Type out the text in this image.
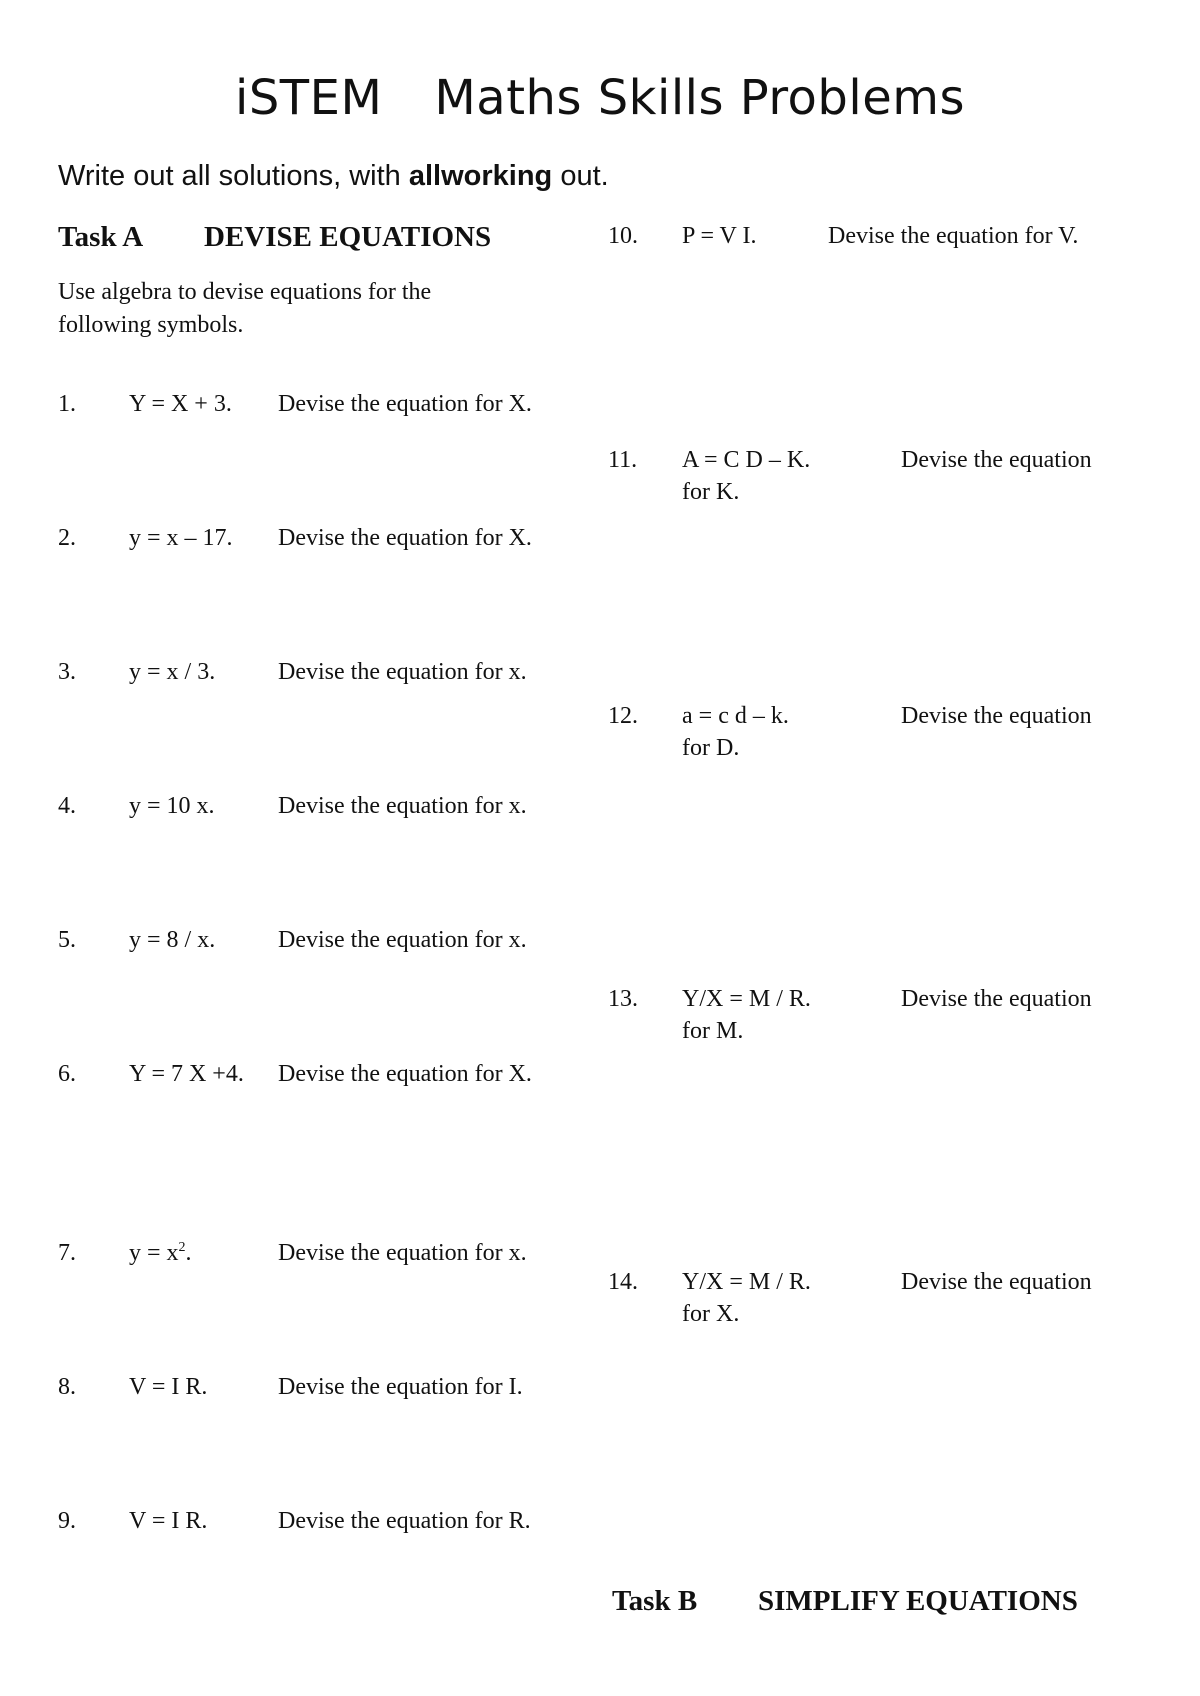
iSTEM Maths Skills Problems
Write out all solutions, with allworking out.
Task A DEVISE EQUATIONS
Use algebra to devise equations for the
following symbols.
1. Y = X + 3. Devise the equation for X.
2. y = x – 17. Devise the equation for X.
3. y = x / 3.	Devise the equation for x.
4. y = 10 x.	Devise the equation for x.
5. y = 8 / x.	Devise the equation for x.
6. Y = 7 X +4. Devise the equation for X.
7. $y = x^2$.	Devise the equation for x.
8. V = I R.	Devise the equation for I.
9. V = I R.	Devise the equation for R.
10. P = V I.	Devise the equation for V.
11. A = C D – K.	Devise the equation
for K.
12. a = c d – k.	Devise the equation
for D.
13. Y/X = M / R.	Devise the equation
for M.
14. Y/X = M / R.	Devise the equation
for X.
Task B SIMPLIFY EQUATIONS
